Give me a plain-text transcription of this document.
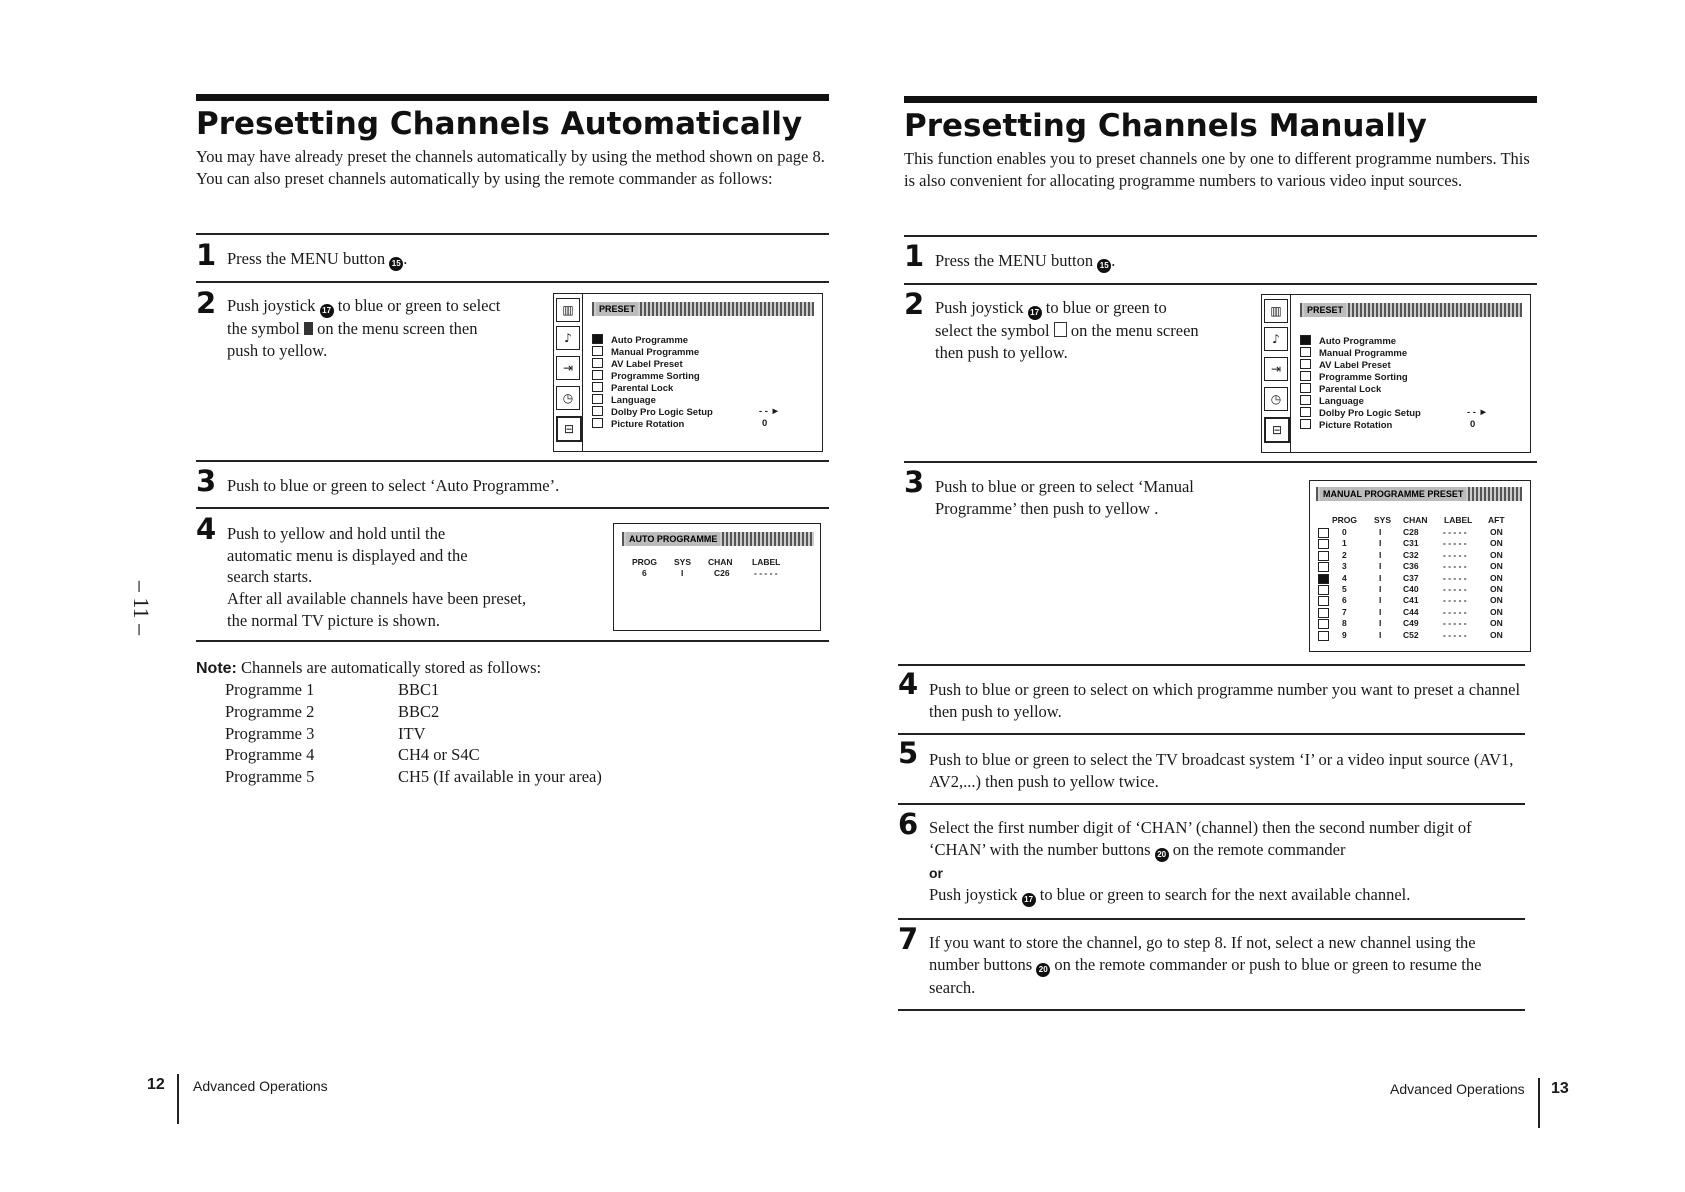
Presetting Channels Automatically
You may have already preset the channels automatically by using the method shown on page 8. You can also preset channels automatically by using the remote commander as follows:
1 Press the MENU button 15 .
2 Push joystick 17 to blue or green to select the symbol on the menu screen then push to yellow.
▥
♪
⇥
◷
⊟
PRESET
Auto Programme
Manual Programme
AV Label Preset
Programme Sorting
Parental Lock
Language
Dolby Pro Logic Setup	- - ►
Picture Rotation	0
3 Push to blue or green to select ‘Auto Programme’.
4 Push to yellow and hold until the automatic menu is displayed and the search starts.
After all available channels have been preset, the normal TV picture is shown.
AUTO PROGRAMME
PROG SYS CHAN LABEL
6	I	C26	- - - - -
Note: Channels are automatically stored as follows:
Programme 1	BBC1
Programme 2	BBC2
Programme 3	ITV
Programme 4	CH4 or S4C
Programme 5	CH5 (If available in your area)
– 11 –
12 Advanced Operations
Presetting Channels Manually
This function enables you to preset channels one by one to different programme numbers. This is also convenient for allocating programme numbers to various video input sources.
1 Press the MENU button 15 .
2 Push joystick 17 to blue or green to select the symbol on the menu screen then push to yellow.
▥
♪
⇥
◷
⊟
PRESET
Auto Programme
Manual Programme
AV Label Preset
Programme Sorting
Parental Lock
Language
Dolby Pro Logic Setup	- - ►
Picture Rotation	0
3 Push to blue or green to select ‘Manual Programme’ then push to yellow .
MANUAL PROGRAMME PRESET
PROG SYS CHAN LABEL AFT
0	I	C28	- - - - -	ON
1	I	C31	- - - - -	ON
2	I	C32	- - - - -	ON
3	I	C36	- - - - -	ON
4	I	C37	- - - - -	ON
5	I	C40	- - - - -	ON
6	I	C41	- - - - -	ON
7	I	C44	- - - - -	ON
8	I	C49	- - - - -	ON
9	I	C52	- - - - -	ON
4 Push to blue or green to select on which programme number you want to preset a channel then push to yellow.
5 Push to blue or green to select the TV broadcast system ‘I’ or a video input source (AV1, AV2,...) then push to yellow twice.
6 Select the first number digit of ‘CHAN’ (channel) then the second number digit of ‘CHAN’ with the number buttons 20 on the remote commander
or
Push joystick 17 to blue or green to search for the next available channel.
7 If you want to store the channel, go to step 8. If not, select a new channel using the number buttons 20 on the remote commander or push to blue or green to resume the search.
Advanced Operations 13
